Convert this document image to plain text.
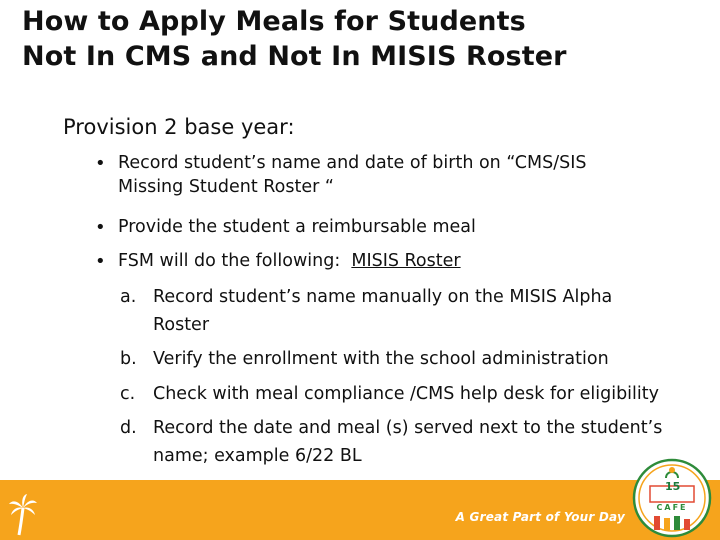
How to Apply Meals for Students
Not In CMS and Not In MISIS Roster
Provision 2 base year:
• Record student’s name and date of birth on “CMS/SIS
Missing Student Roster “
• Provide the student a reimbursable meal
• FSM will do the following:  MISIS Roster
a. Record student’s name manually on the MISIS Alpha
Roster
b. Verify the enrollment with the school administration
c. Check with meal compliance /CMS help desk for eligibility
d. Record the date and meal (s) served next to the student’s
name; example 6/22 BL
A Great Part of Your Day
CAFE
15
